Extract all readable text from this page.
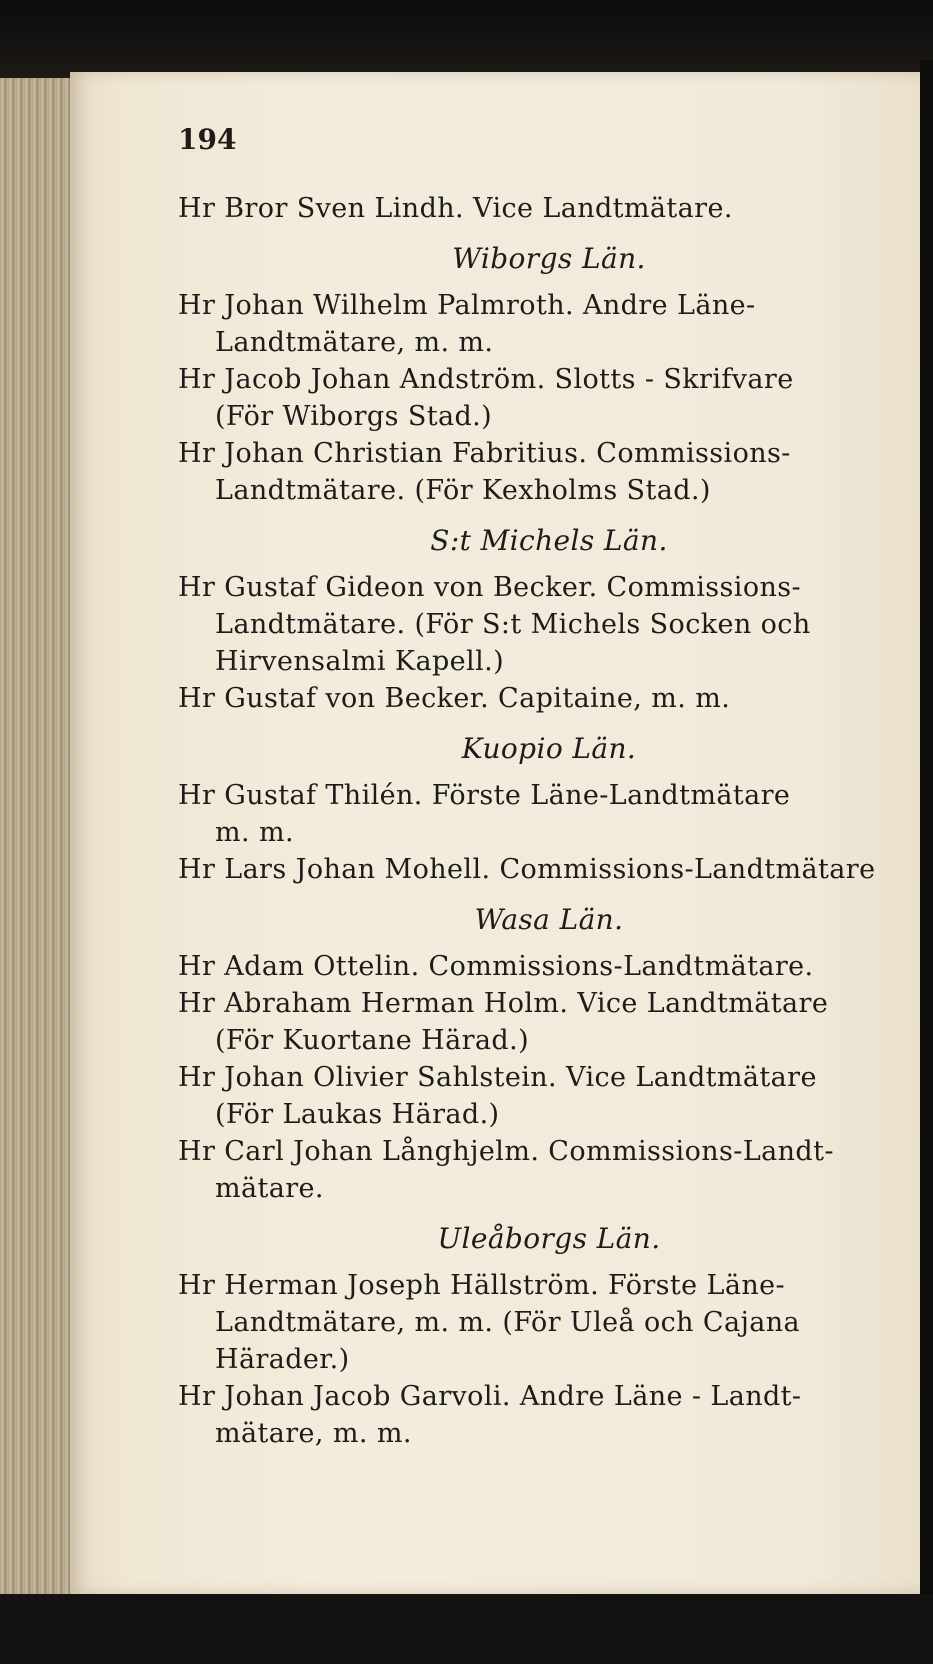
194
Hr Bror Sven Lindh. Vice Landtmätare.
Wiborgs Län.
Hr Johan Wilhelm Palmroth. Andre Läne-
Landtmätare, m. m.
Hr Jacob Johan Andström. Slotts - Skrifvare
(För Wiborgs Stad.)
Hr Johan Christian Fabritius. Commissions-
Landtmätare. (För Kexholms Stad.)
S:t Michels Län.
Hr Gustaf Gideon von Becker. Commissions-
Landtmätare. (För S:t Michels Socken och
Hirvensalmi Kapell.)
Hr Gustaf von Becker. Capitaine, m. m.
Kuopio Län.
Hr Gustaf Thilén. Förste Läne-Landtmätare
m. m.
Hr Lars Johan Mohell. Commissions-Landtmätare
Wasa Län.
Hr Adam Ottelin. Commissions-Landtmätare.
Hr Abraham Herman Holm. Vice Landtmätare
(För Kuortane Härad.)
Hr Johan Olivier Sahlstein. Vice Landtmätare
(För Laukas Härad.)
Hr Carl Johan Långhjelm. Commissions-Landt-
mätare.
Uleåborgs Län.
Hr Herman Joseph Hällström. Förste Läne-
Landtmätare, m. m. (För Uleå och Cajana
Härader.)
Hr Johan Jacob Garvoli. Andre Läne - Landt-
mätare, m. m.
